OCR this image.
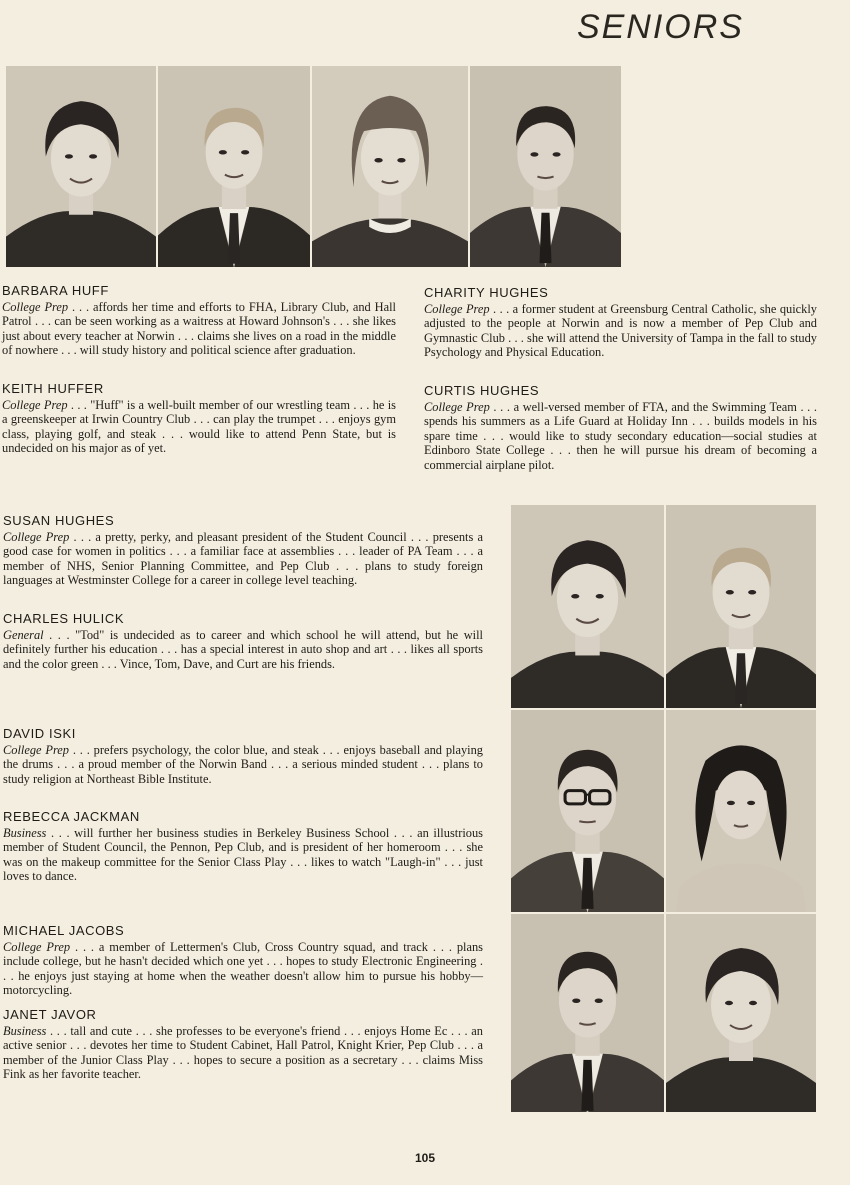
SENIORS
BARBARA HUFF

College Prep . . . affords her time and efforts to FHA, Library Club, and Hall Patrol . . . can be seen working as a waitress at Howard Johnson's . . . she likes just about every teacher at Norwin . . . claims she lives on a road in the middle of nowhere . . . will study history and political science after graduation.

KEITH HUFFER

College Prep . . . "Huff" is a well-built member of our wrestling team . . . he is a greenskeeper at Irwin Country Club . . . can play the trumpet . . . enjoys gym class, playing golf, and steak . . . would like to attend Penn State, but is undecided on his major as of yet.

CHARITY HUGHES

College Prep . . . a former student at Greensburg Central Catholic, she quickly adjusted to the people at Norwin and is now a member of Pep Club and Gymnastic Club . . . she will attend the University of Tampa in the fall to study Psychology and Physical Education.

CURTIS HUGHES

College Prep . . . a well-versed member of FTA, and the Swimming Team . . . spends his summers as a Life Guard at Holiday Inn . . . builds models in his spare time . . . would like to study secondary education—social studies at Edinboro State College . . . then he will pursue his dream of becoming a commercial airplane pilot.

SUSAN HUGHES

College Prep . . . a pretty, perky, and pleasant president of the Student Council . . . presents a good case for women in politics . . . a familiar face at assemblies . . . leader of PA Team . . . a member of NHS, Senior Planning Committee, and Pep Club . . . plans to study foreign languages at Westminster College for a career in college level teaching.

CHARLES HULICK

General . . . "Tod" is undecided as to career and which school he will attend, but he will definitely further his education . . . has a special interest in auto shop and art . . . likes all sports and the color green . . . Vince, Tom, Dave, and Curt are his friends.

DAVID ISKI

College Prep . . . prefers psychology, the color blue, and steak . . . enjoys baseball and playing the drums . . . a proud member of the Norwin Band . . . a serious minded student . . . plans to study religion at Northeast Bible Institute.

REBECCA JACKMAN

Business . . . will further her business studies in Berkeley Business School . . . an illustrious member of Student Council, the Pennon, Pep Club, and is president of her homeroom . . . she was on the makeup committee for the Senior Class Play . . . likes to watch "Laugh-in" . . . just loves to dance.

MICHAEL JACOBS

College Prep . . . a member of Lettermen's Club, Cross Country squad, and track . . . plans include college, but he hasn't decided which one yet . . . hopes to study Electronic Engineering . . . he enjoys just staying at home when the weather doesn't allow him to pursue his hobby—motorcycling.

JANET JAVOR

Business . . . tall and cute . . . she professes to be everyone's friend . . . enjoys Home Ec . . . an active senior . . . devotes her time to Student Cabinet, Hall Patrol, Knight Krier, Pep Club . . . a member of the Junior Class Play . . . hopes to secure a position as a secretary . . . claims Miss Fink as her favorite teacher.

105
